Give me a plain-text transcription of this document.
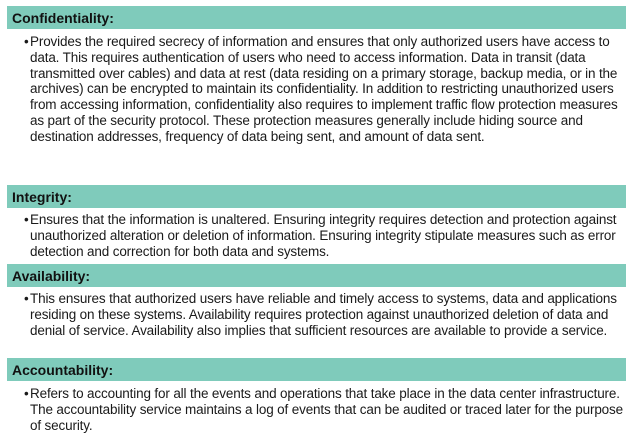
Confidentiality:
• Provides the required secrecy of information and ensures that only authorized users have access to data. This requires authentication of users who need to access information. Data in transit (data transmitted over cables) and data at rest (data residing on a primary storage, backup media, or in the archives) can be encrypted to maintain its confidentiality. In addition to restricting unauthorized users from accessing information, confidentiality also requires to implement traffic flow protection measures as part of the security protocol. These protection measures generally include hiding source and destination addresses, frequency of data being sent, and amount of data sent.
Integrity:
• Ensures that the information is unaltered. Ensuring integrity requires detection and protection against unauthorized alteration or deletion of information. Ensuring integrity stipulate measures such as error detection and correction for both data and systems.
Availability:
• This ensures that authorized users have reliable and timely access to systems, data and applications residing on these systems. Availability requires protection against unauthorized deletion of data and denial of service. Availability also implies that sufficient resources are available to provide a service.
Accountability:
• Refers to accounting for all the events and operations that take place in the data center infrastructure. The accountability service maintains a log of events that can be audited or traced later for the purpose of security.
